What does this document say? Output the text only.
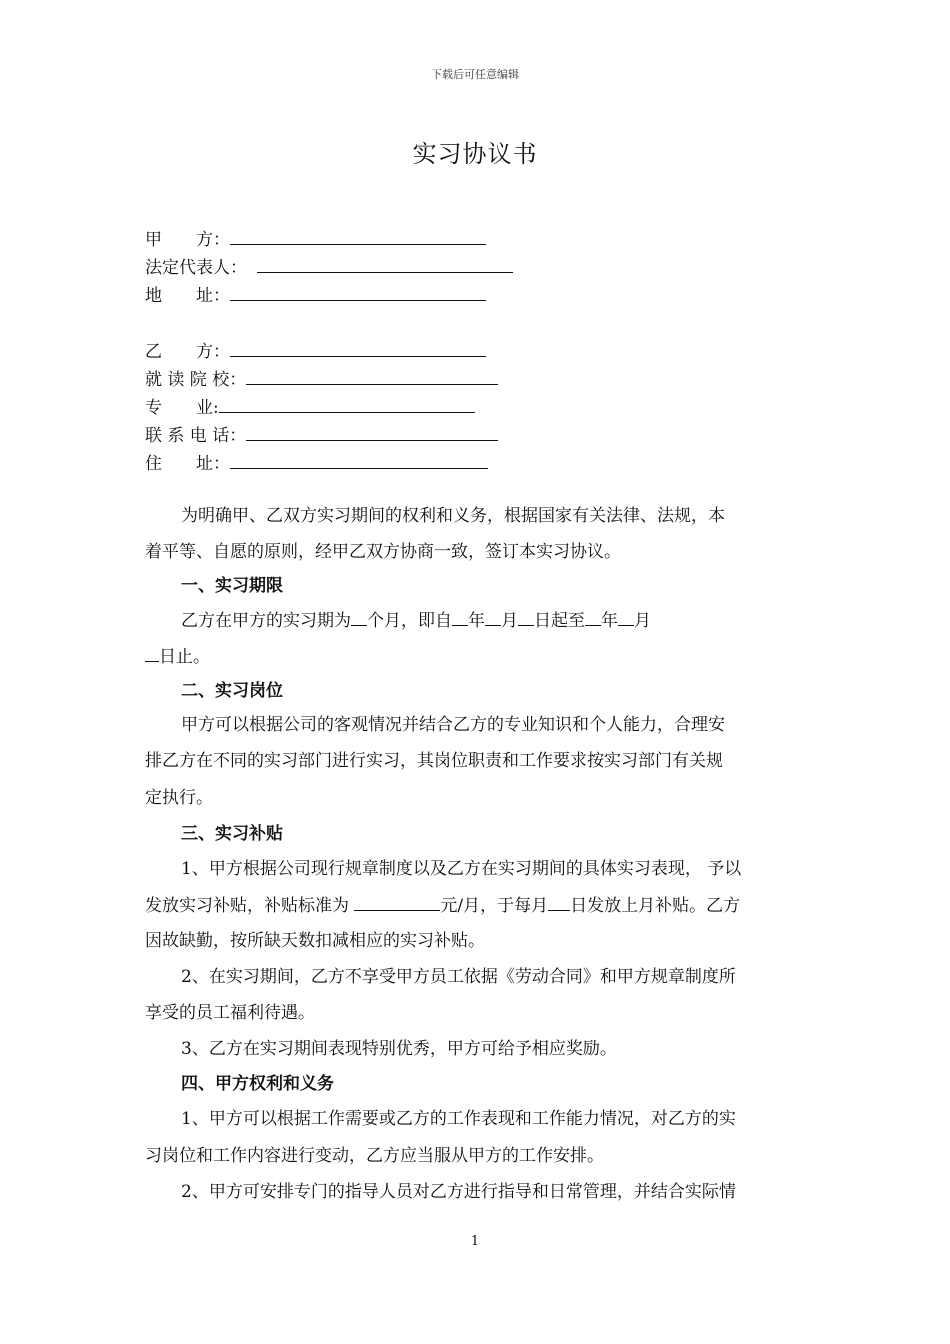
下载后可任意编辑
实习协议书
甲　　方：
法定代表人：
地　　址：
乙　　方：
就 读 院 校：
专　　业:
联 系 电 话：
住　　址：
为明确甲、乙双方实习期间的权利和义务，根据国家有关法律、法规，本
着平等、自愿的原则，经甲乙双方协商一致，签订本实习协议。
一、实习期限
乙方在甲方的实习期为 个月，即自 年 月 日起至 年 月
日止。
二、实习岗位
甲方可以根据公司的客观情况并结合乙方的专业知识和个人能力，合理安
排乙方在不同的实习部门进行实习，其岗位职责和工作要求按实习部门有关规
定执行。
三、实习补贴
1、甲方根据公司现行规章制度以及乙方在实习期间的具体实习表现， 予以
发放实习补贴，补贴标准为	元/月，于每月 日发放上月补贴。乙方
因故缺勤，按所缺天数扣减相应的实习补贴。
2、在实习期间，乙方不享受甲方员工依据《劳动合同》和甲方规章制度所
享受的员工福利待遇。
3、乙方在实习期间表现特别优秀，甲方可给予相应奖励。
四、甲方权利和义务
1、甲方可以根据工作需要或乙方的工作表现和工作能力情况，对乙方的实
习岗位和工作内容进行变动，乙方应当服从甲方的工作安排。
2、甲方可安排专门的指导人员对乙方进行指导和日常管理，并结合实际情
1
